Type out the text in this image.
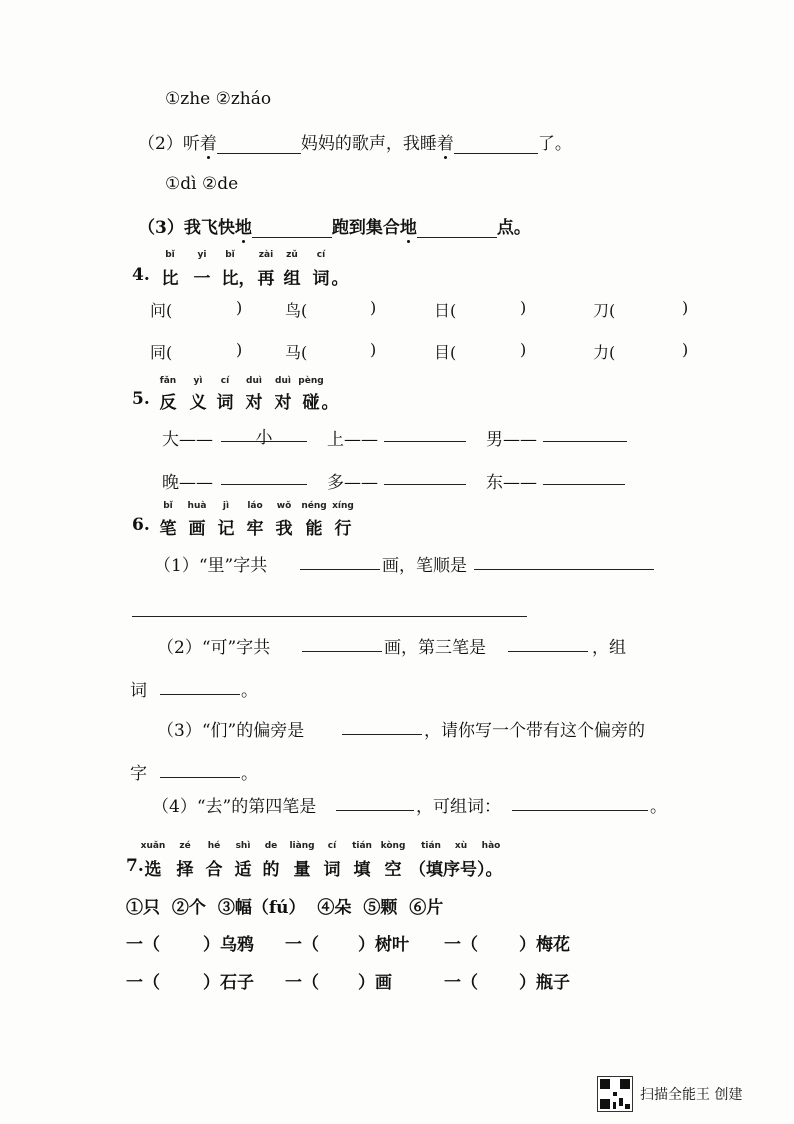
①zhe ②zháo
（2）听着	妈妈的歌声，我睡着	了。
①dì ②de
（3）我飞快地	跑到集合地	点。
4.
bǐ	yi bǐ	zài zǔ cí
比 一 比 ， 再 组 词 。
问(	)	鸟(	)	日(	)	刀(	)
同(	)	马(	)	目(	)	力(	)
5.
fǎn yì cí duì duì pèng
反 义 词 对 对 碰 。
大——	小	上——	男——
晚——	多——	东——
6.
bǐ huà jì láo wǒ néng xíng
笔 画 记 牢 我 能 行
（1）“里”字共	画，笔顺是
（2）“可”字共	画，第三笔是	，组
词	。
（3）“们”的偏旁是	，请你写一个带有这个偏旁的
字	。
（4）“去”的第四笔是	，可组词：	。
7.
xuǎn zé hé shì de liàng cí tián kòng tián xù hào
选 择 合 适 的 量 词 填 空 （填序号）。
①只 ②个 ③幅（fú） ④朵 ⑤颗 ⑥片
一（	）乌鸦 一（ ）树叶 一（ ）梅花
一（	）石子 一（ ）画	一（ ）瓶子
扫描全能王 创建
